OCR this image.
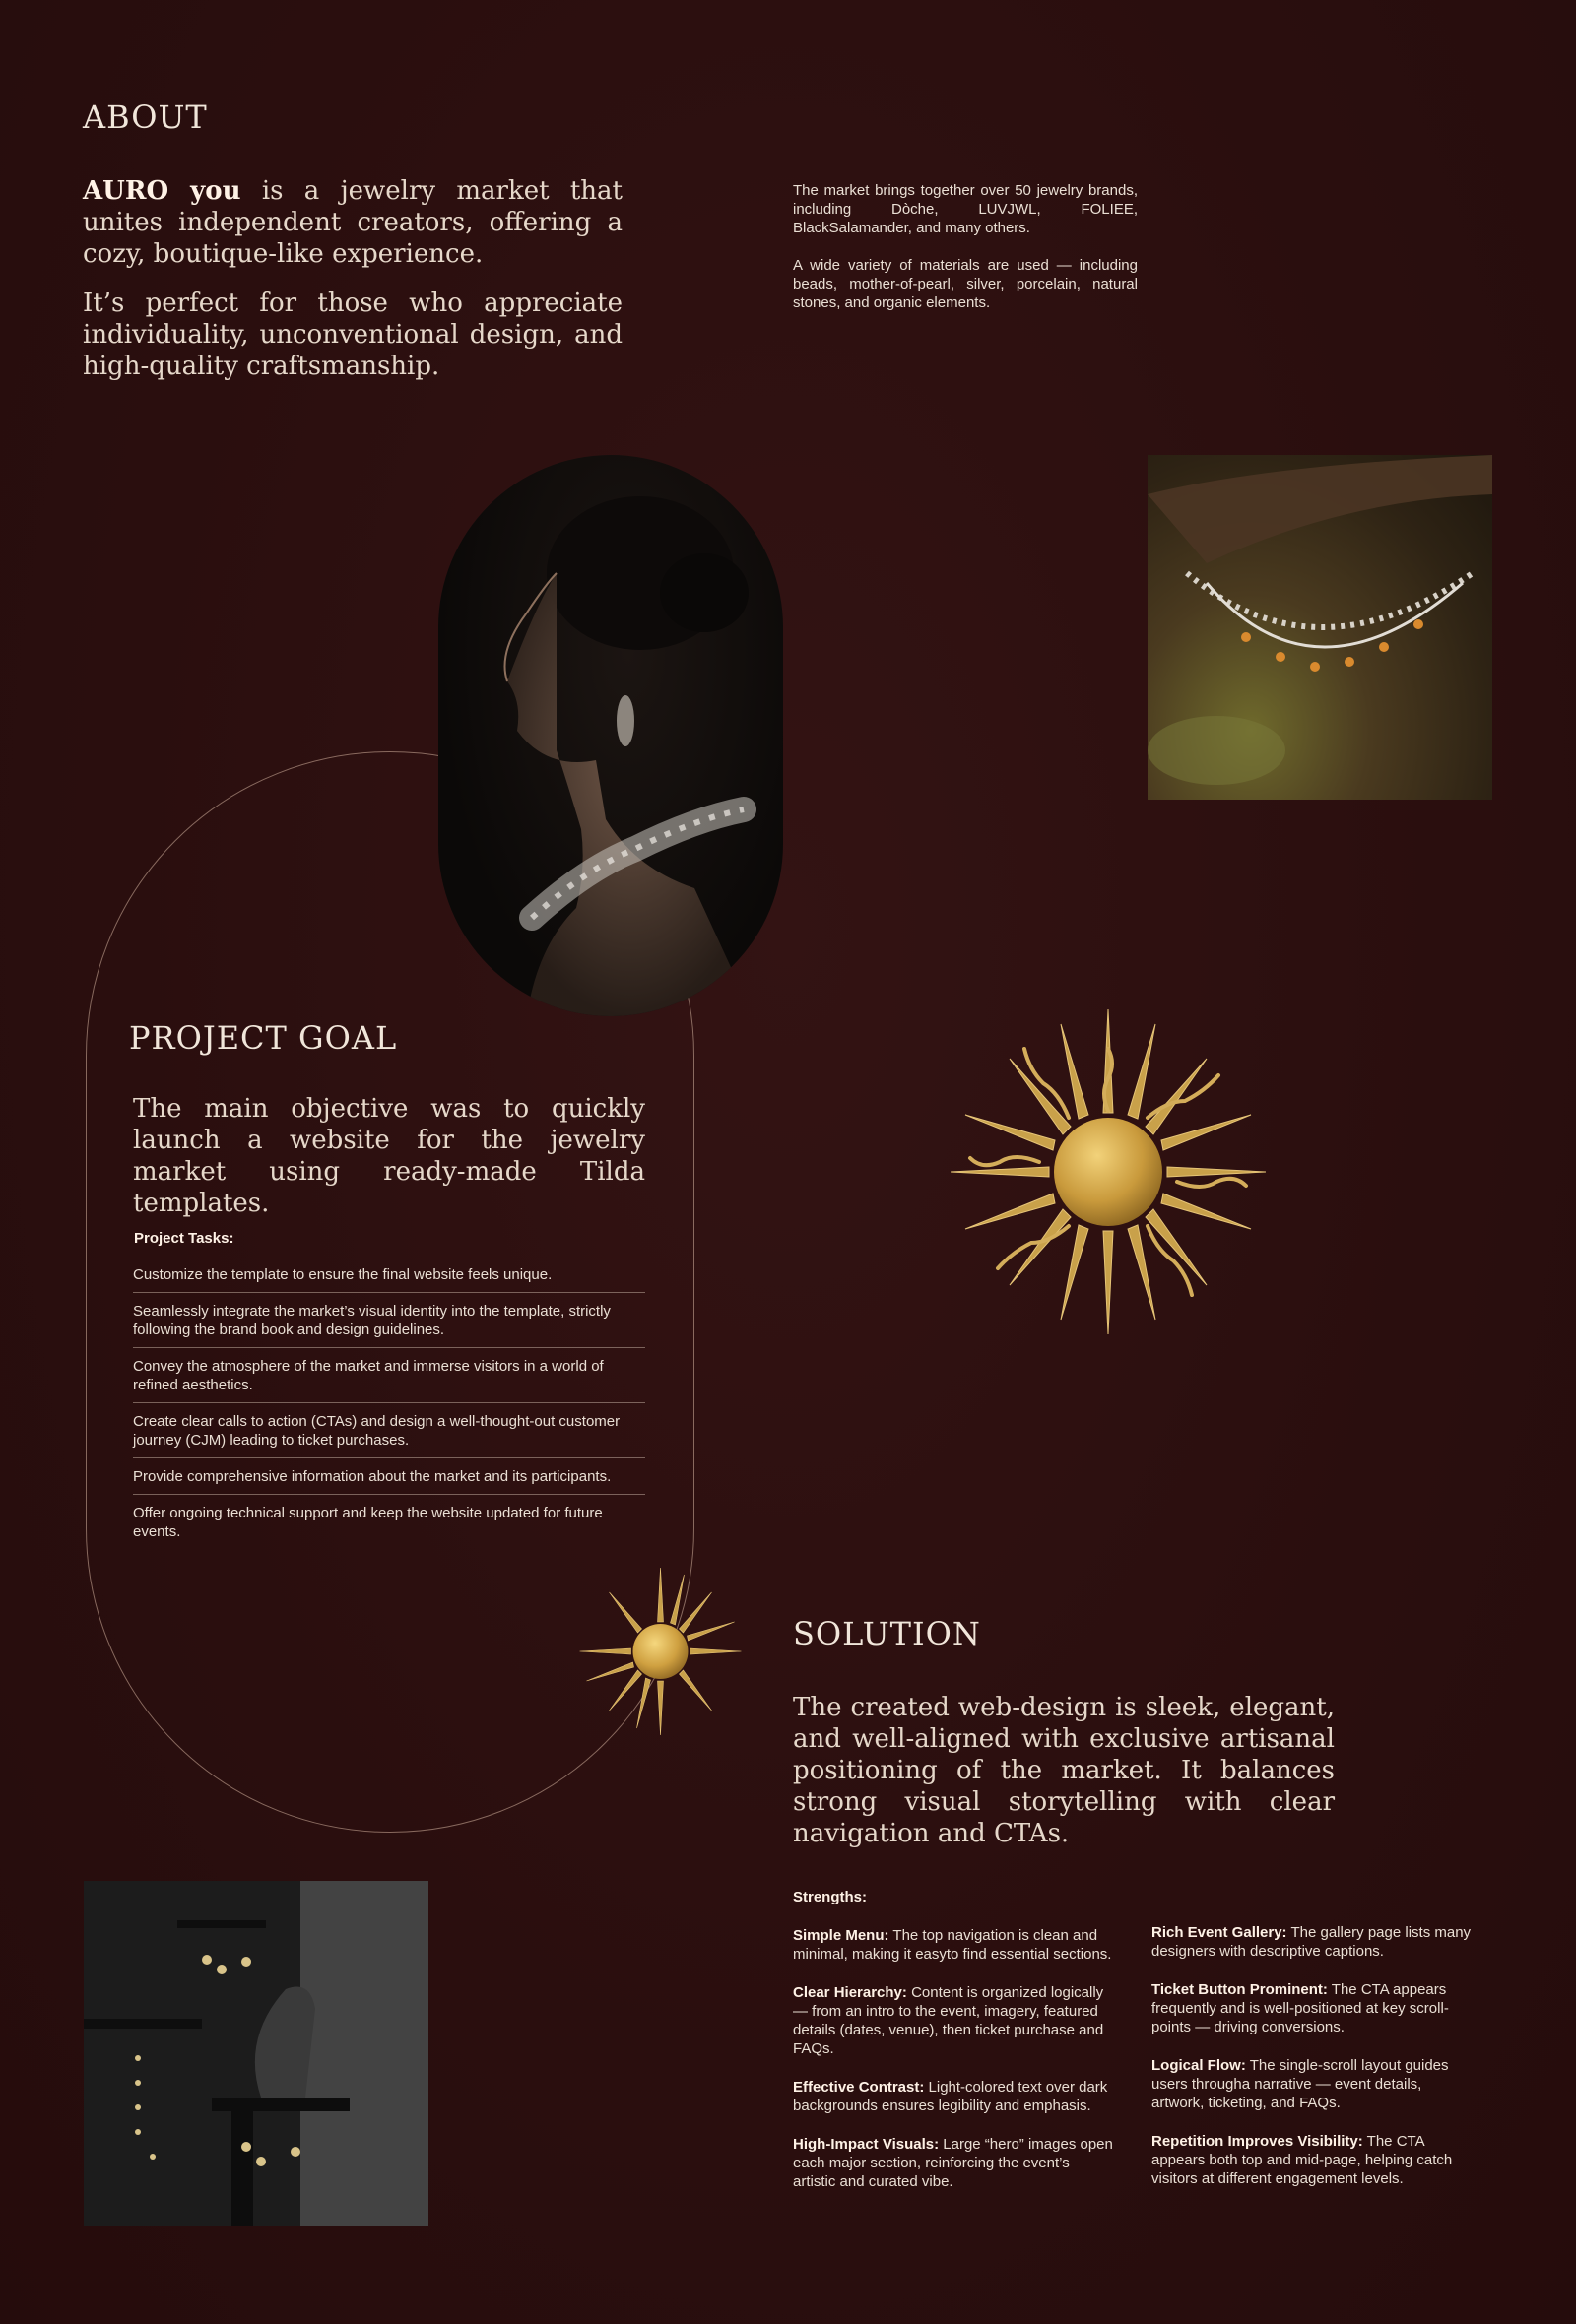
ABOUT

AURO you is a jewelry market that unites independent creators, offering a cozy, boutique-like experience.

It’s perfect for those who appreciate individuality, unconventional design, and high-quality craftsmanship.

The market brings together over 50 jewelry brands, including Dòche, LUVJWL, FOLIEE, BlackSalamander, and many others.

A wide variety of materials are used — including beads, mother-of-pearl, silver, porcelain, natural stones, and organic elements.

PROJECT GOAL

The main objective was to quickly launch a website for the jewelry market using ready-made Tilda templates.

Project Tasks:
Customize the template to ensure the final website feels unique.
Seamlessly integrate the market’s visual identity into the template, strictly following the brand book and design guidelines.
Convey the atmosphere of the market and immerse visitors in a world of refined aesthetics.
Create clear calls to action (CTAs) and design a well-thought-out customer journey (CJM) leading to ticket purchases.
Provide comprehensive information about the market and its participants.
Offer ongoing technical support and keep the website updated for future events.
SOLUTION

The created web-design is sleek, elegant, and well-aligned with exclusive artisanal positioning of the market. It balances strong visual storytelling with clear navigation and CTAs.

Strengths:

Simple Menu: The top navigation is clean and minimal, making it easyto find essential sections.

Clear Hierarchy: Content is organized logically — from an intro to the event, imagery, featured details (dates, venue), then ticket purchase and FAQs.

Effective Contrast: Light-colored text over dark backgrounds ensures legibility and emphasis.

High-Impact Visuals: Large “hero” images open each major section, reinforcing the event’s artistic and curated vibe.

Rich Event Gallery: The gallery page lists many designers with descriptive captions.

Ticket Button Prominent: The CTA appears frequently and is well-positioned at key scroll-points — driving conversions.

Logical Flow: The single-scroll layout guides users througha narrative — event details, artwork, ticketing, and FAQs.

Repetition Improves Visibility: The CTA appears both top and mid-page, helping catch visitors at different engagement levels.
